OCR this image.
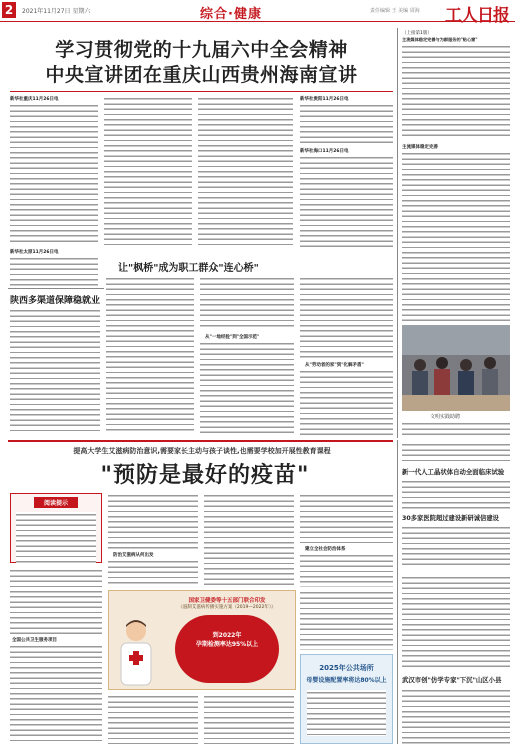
2	2021年11月27日 星期六	综合·健康	责任编辑 王 美编 周海 工人日报
学习贯彻党的十九届六中全会精神
中央宣讲团在重庆山西贵州海南宣讲
新华社重庆11月26日电
新华社太原11月26日电
新华社贵阳11月26日电
新华社海口11月26日电
陕西多渠道保障稳就业
让"枫桥"成为职工群众"连心桥"
从"一地经验"到"全国示范"
从"劳动者的家"到"化解矛盾"
（上接第1版）
主流媒体稳定完善与为群服务的"贴心窗"
主流媒体稳定完善
文明实践助聘
提高大学生艾滋病防治意识,需要家长主动与孩子谈性,也需要学校加开展性教育课程
"预防是最好的疫苗"
阅读提示
全国公共卫生服务项目
防治艾滋病从何出发
建立全社会防治体系
国家卫健委等十五部门联合印发
《遏制艾滋病传播实施方案（2019—2022年）》
到2022年
孕期检测率达95%以上
2025年公共场所
母婴设施配置率将达80%以上
新一代人工晶状体自动全面临床试验
30多家医院超过建设新研诚信建设
武汉市创"仿学专家"下沉"山区小县
